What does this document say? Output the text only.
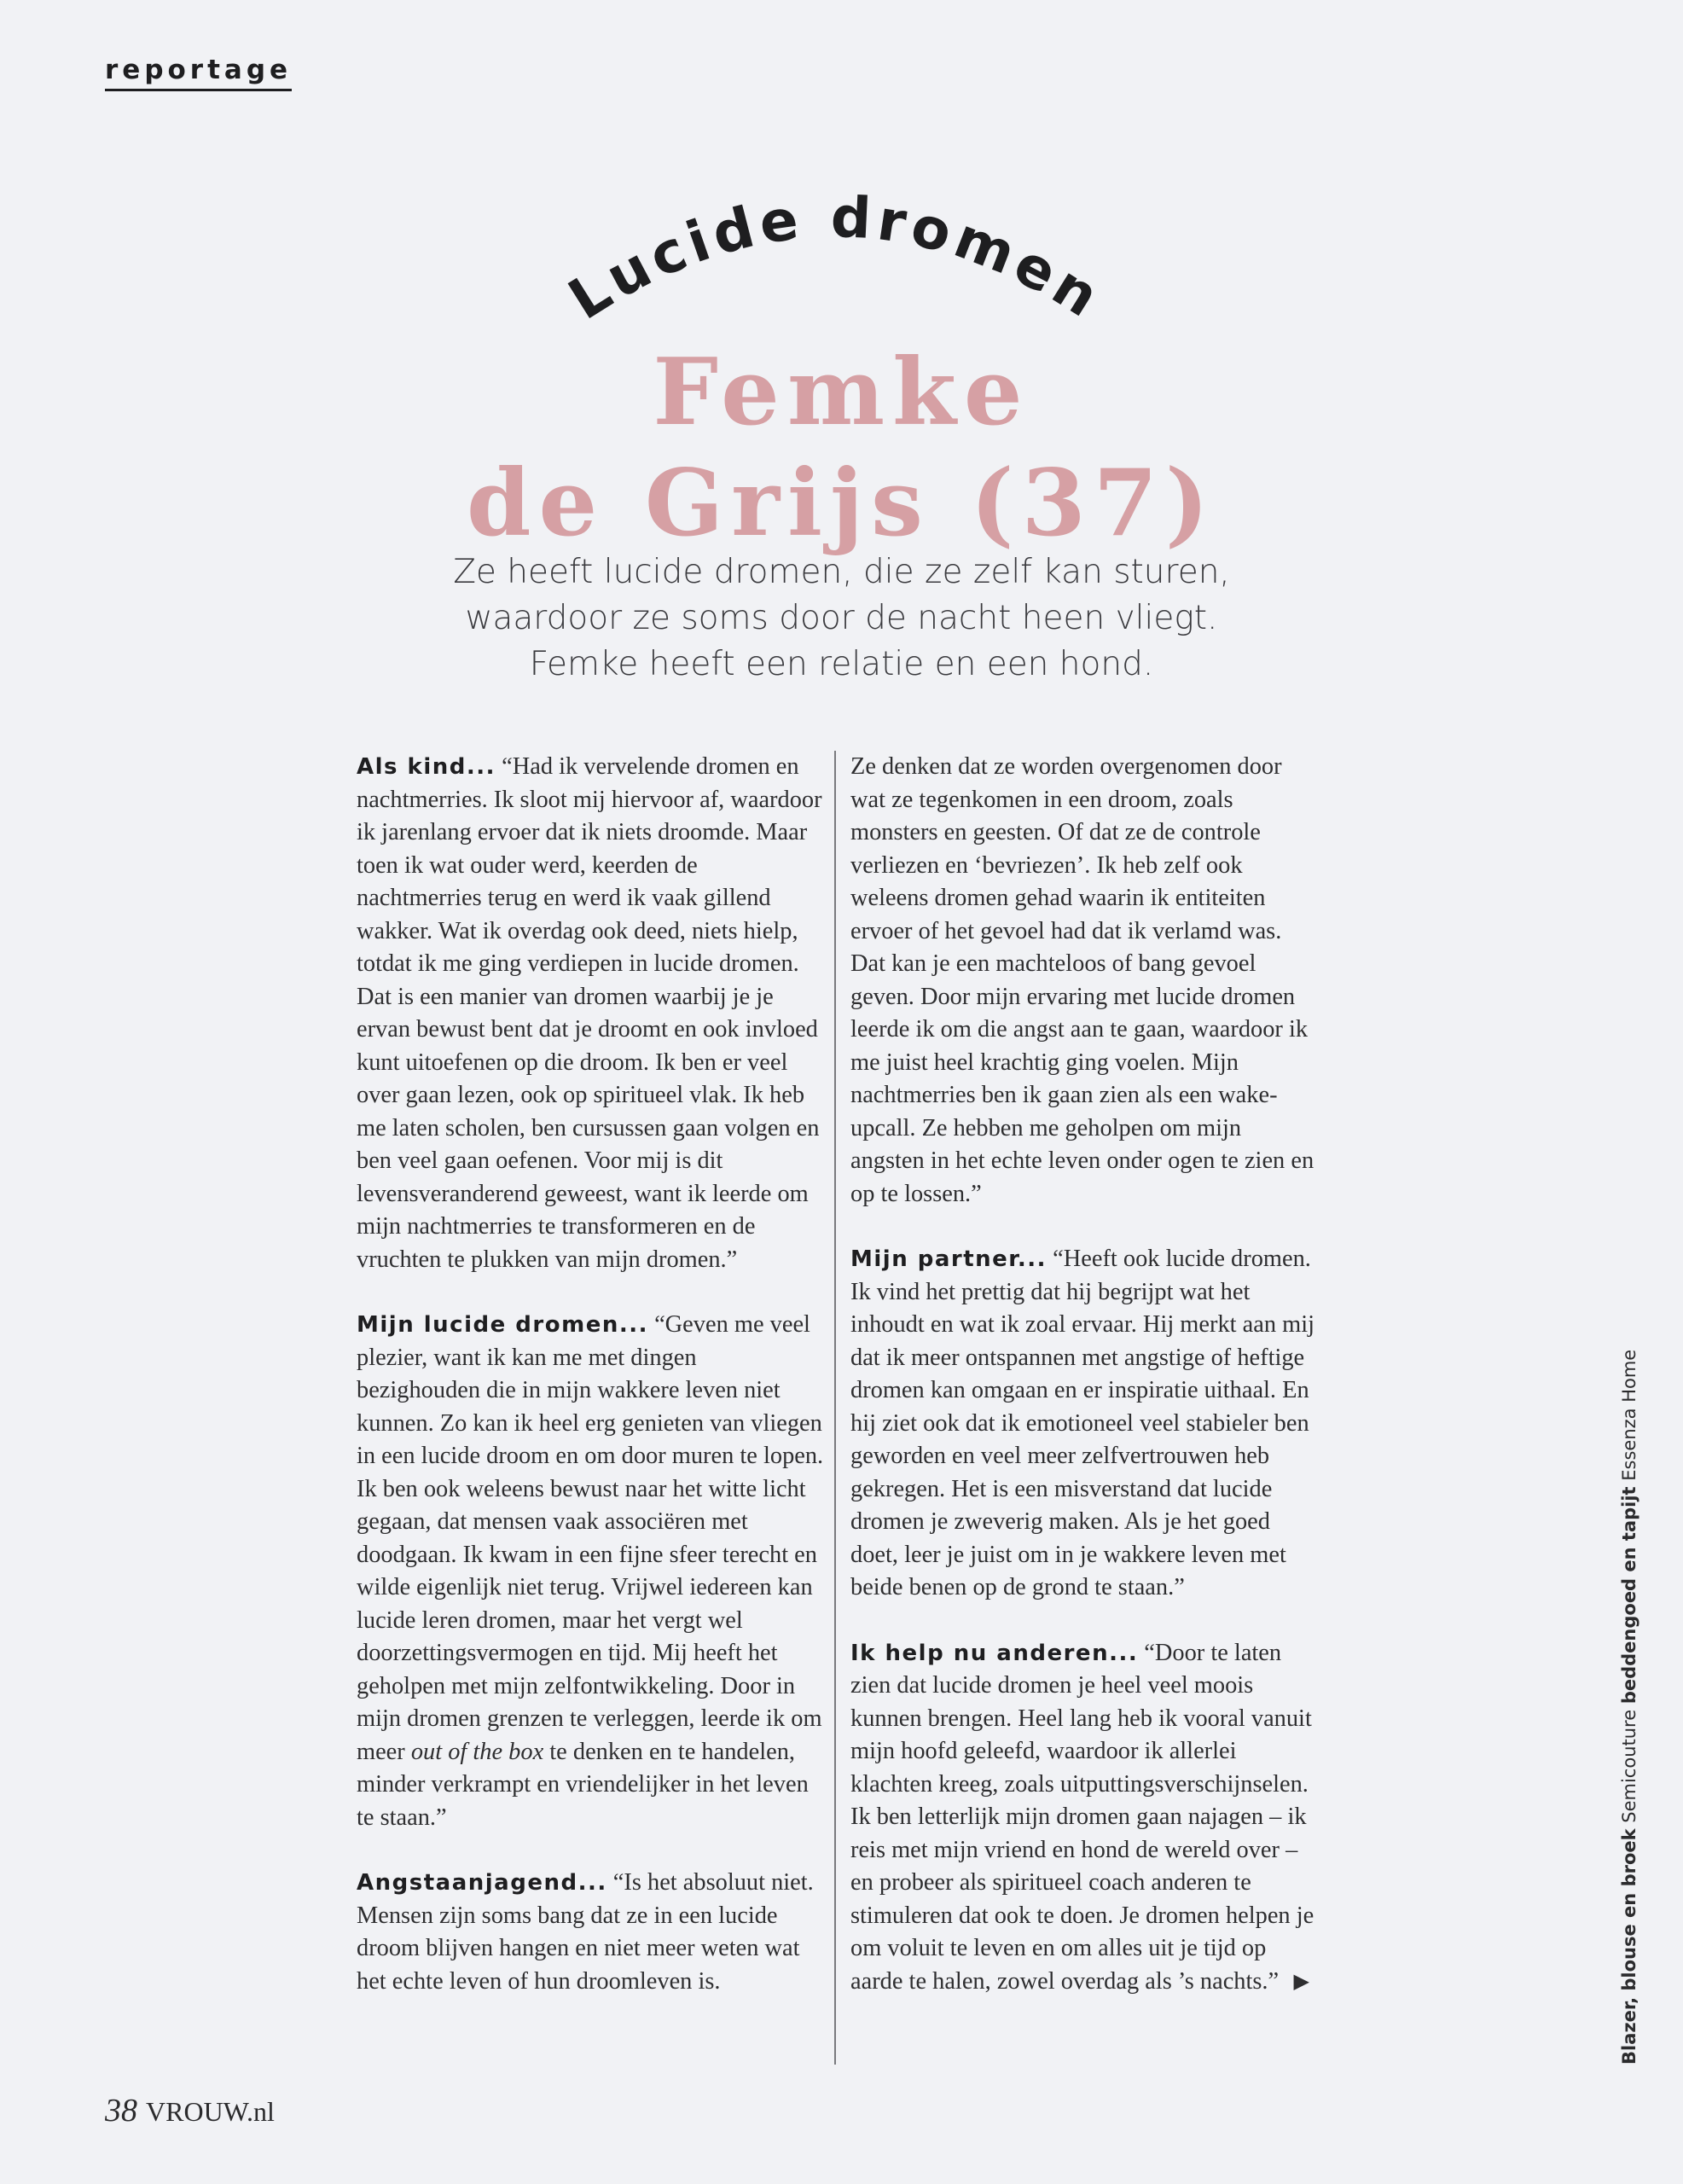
reportage
Lucide dromen
Femke
de Grijs (37)
Ze heeft lucide dromen, die ze zelf kan sturen,
waardoor ze soms door de nacht heen vliegt.
Femke heeft een relatie en een hond.

Als kind... “Had ik vervelende dromen en nachtmerries. Ik sloot mij hiervoor af, waardoor ik jarenlang ervoer dat ik niets droomde. Maar toen ik wat ouder werd, keerden de nachtmerries terug en werd ik vaak gillend wakker. Wat ik overdag ook deed, niets hielp, totdat ik me ging verdiepen in lucide dromen. Dat is een manier van dromen waarbij je je ervan bewust bent dat je droomt en ook invloed kunt uitoefenen op die droom. Ik ben er veel over gaan lezen, ook op spiritueel vlak. Ik heb me laten scholen, ben cursussen gaan volgen en ben veel gaan oefenen. Voor mij is dit levensveranderend geweest, want ik leerde om mijn nachtmerries te transformeren en de vruchten te plukken van mijn dromen.”

Mijn lucide dromen... “Geven me veel plezier, want ik kan me met dingen bezighouden die in mijn wakkere leven niet kunnen. Zo kan ik heel erg genieten van vliegen in een lucide droom en om door muren te lopen. Ik ben ook weleens bewust naar het witte licht gegaan, dat mensen vaak associëren met doodgaan. Ik kwam in een fijne sfeer terecht en wilde eigenlijk niet terug. Vrijwel iedereen kan lucide leren dromen, maar het vergt wel doorzettingsvermogen en tijd. Mij heeft het geholpen met mijn zelfontwikkeling. Door in mijn dromen grenzen te verleggen, leerde ik om meer out of the box te denken en te handelen, minder verkrampt en vriendelijker in het leven te staan.”

Angstaanjagend... “Is het absoluut niet. Mensen zijn soms bang dat ze in een lucide droom blijven hangen en niet meer weten wat het echte leven of hun droomleven is.

Ze denken dat ze worden overgenomen door wat ze tegenkomen in een droom, zoals monsters en geesten. Of dat ze de controle verliezen en ‘bevriezen’. Ik heb zelf ook weleens dromen gehad waarin ik entiteiten ervoer of het gevoel had dat ik verlamd was. Dat kan je een machteloos of bang gevoel geven. Door mijn ervaring met lucide dromen leerde ik om die angst aan te gaan, waardoor ik me juist heel krachtig ging voelen. Mijn nachtmerries ben ik gaan zien als een wake-upcall. Ze hebben me geholpen om mijn angsten in het echte leven onder ogen te zien en op te lossen.”

Mijn partner... “Heeft ook lucide dromen. Ik vind het prettig dat hij begrijpt wat het inhoudt en wat ik zoal ervaar. Hij merkt aan mij dat ik meer ontspannen met angstige of heftige dromen kan omgaan en er inspiratie uithaal. En hij ziet ook dat ik emotioneel veel stabieler ben geworden en veel meer zelfvertrouwen heb gekregen. Het is een misverstand dat lucide dromen je zweverig maken. Als je het goed doet, leer je juist om in je wakkere leven met beide benen op de grond te staan.”

Ik help nu anderen... “Door te laten zien dat lucide dromen je heel veel moois kunnen brengen. Heel lang heb ik vooral vanuit mijn hoofd geleefd, waardoor ik allerlei klachten kreeg, zoals uitputtingsverschijnselen. Ik ben letterlijk mijn dromen gaan najagen – ik reis met mijn vriend en hond de wereld over – en probeer als spiritueel coach anderen te stimuleren dat ook te doen. Je dromen helpen je om voluit te leven en om alles uit je tijd op aarde te halen, zowel overdag als ’s nachts.” ▶

38 VROUW.nl
Blazer, blouse en broek Semicouture beddengoed en tapijt Essenza Home
